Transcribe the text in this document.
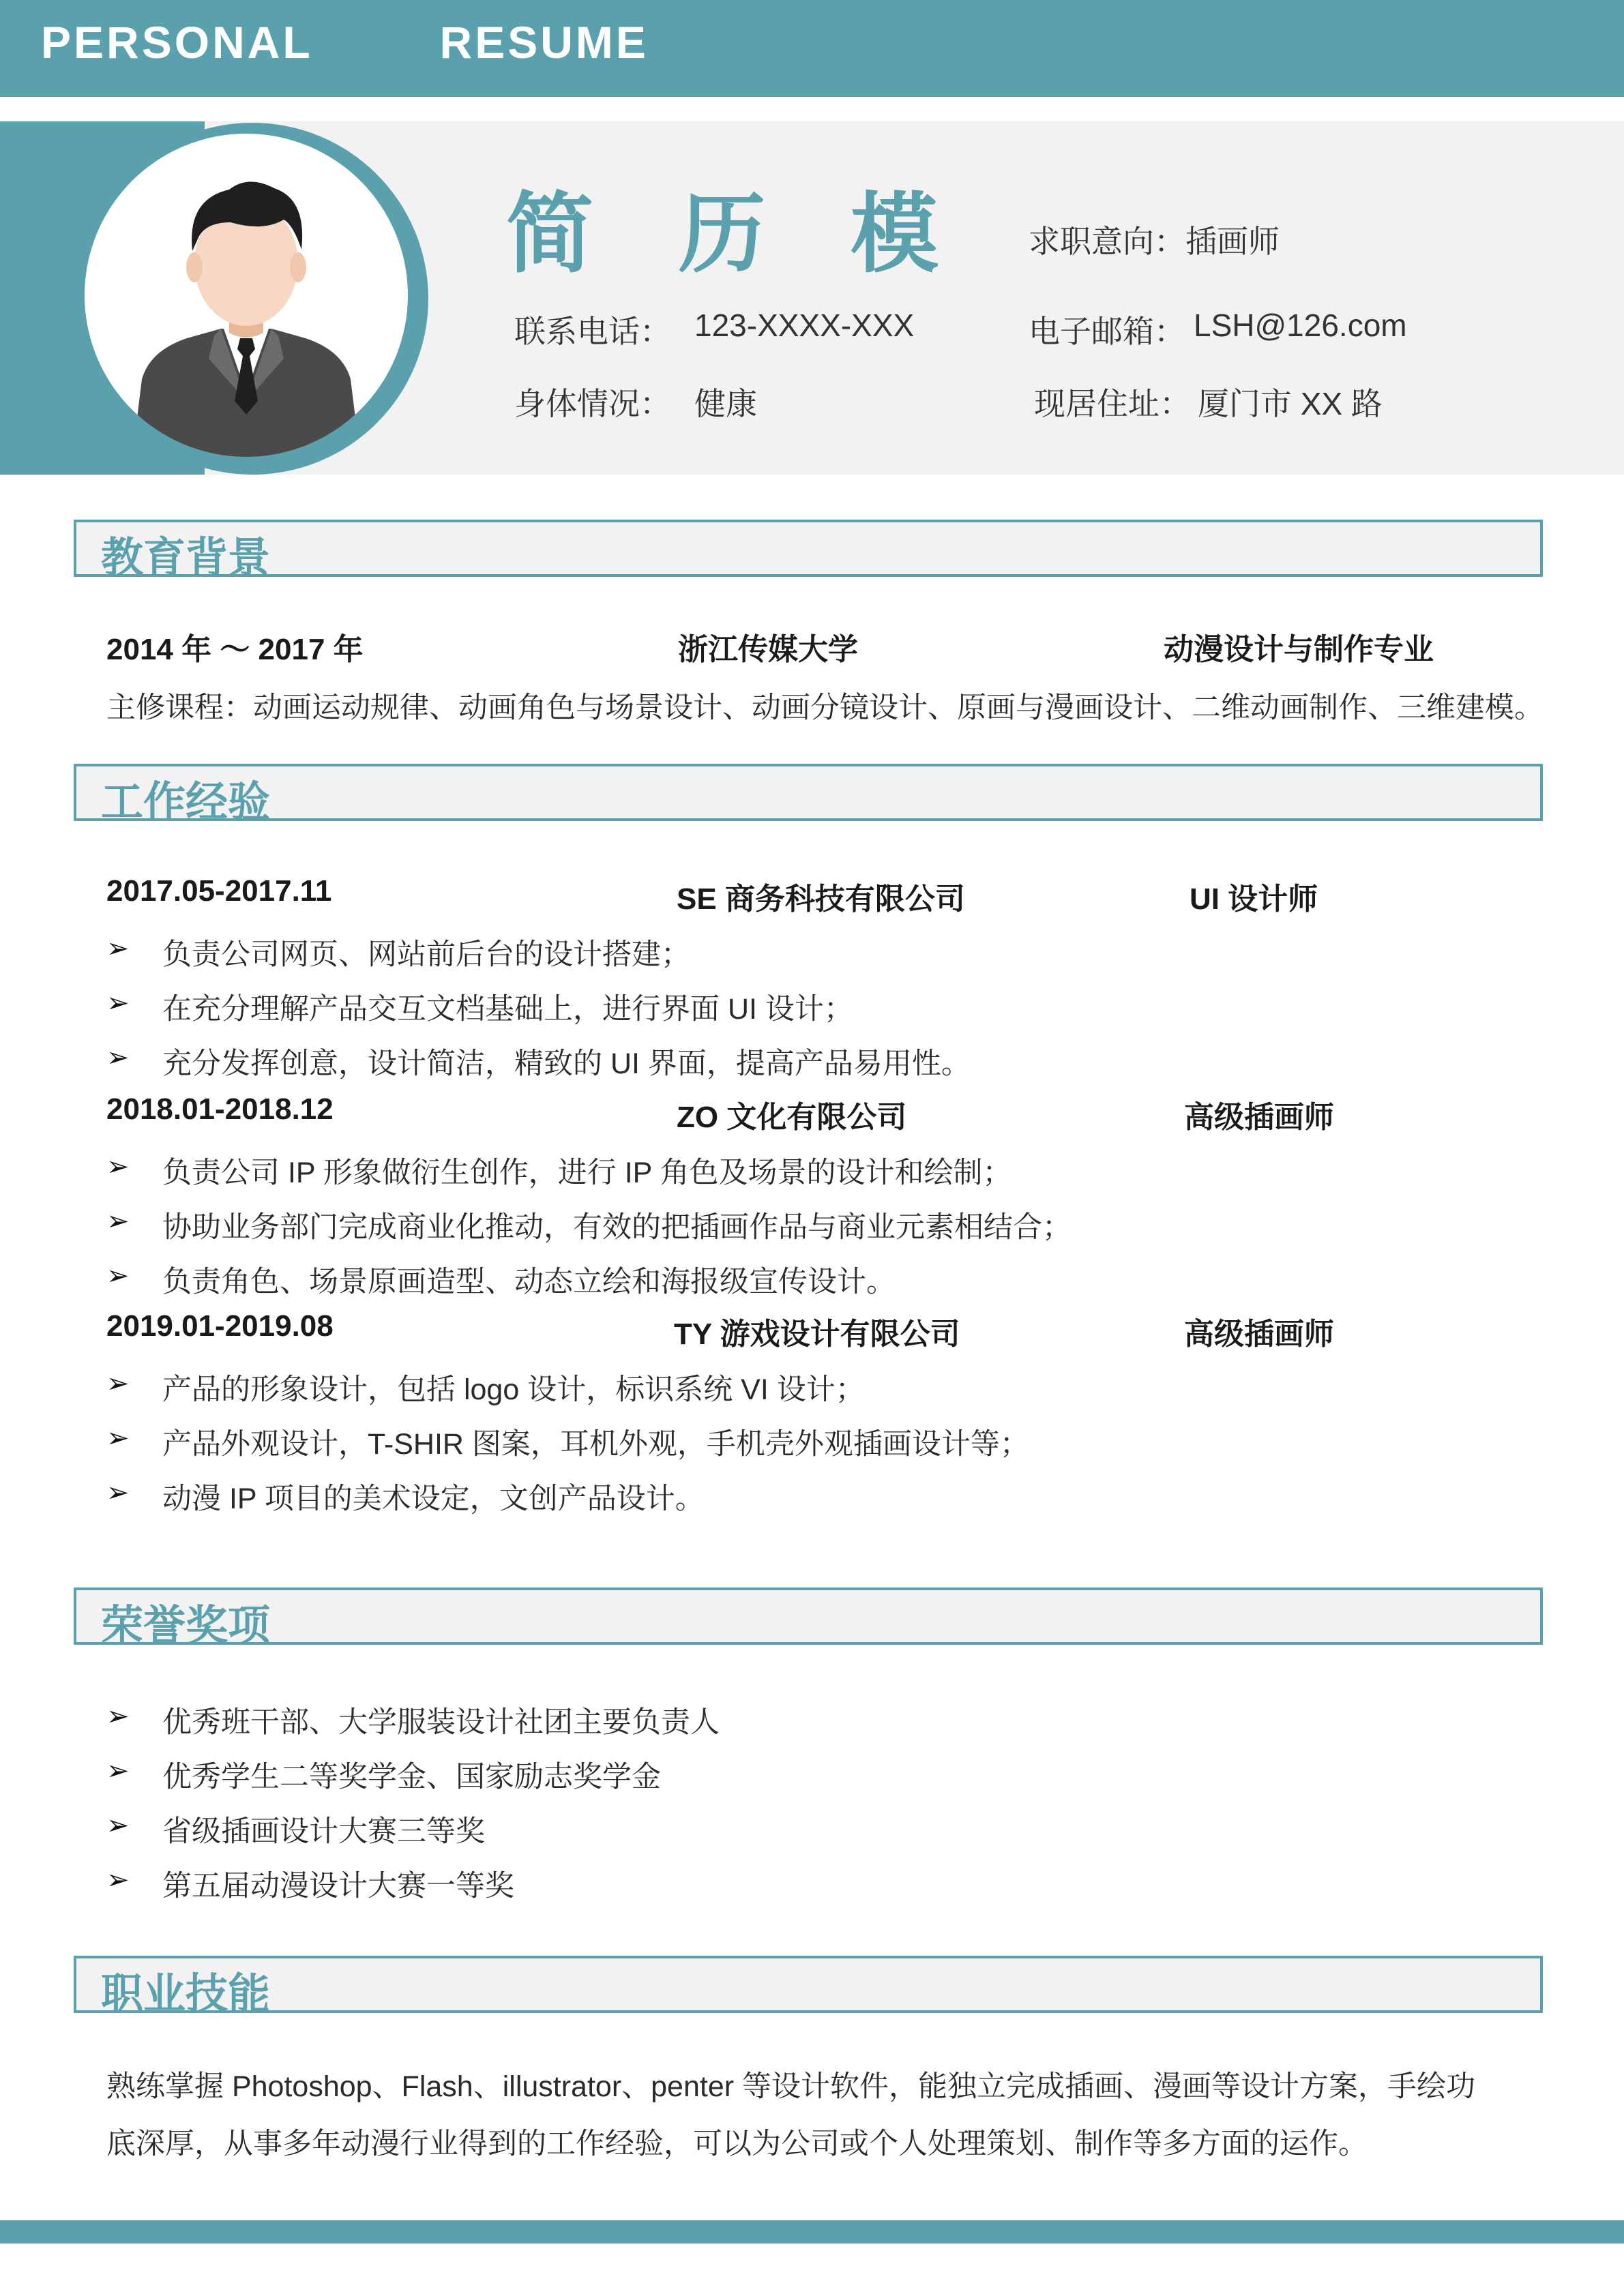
PERSONAL   RESUME
简 历 模 求职意向：插画师
联系电话： 123-XXXX-XXX	电子邮箱： LSH@126.com
身体情况： 健康	现居住址： 厦门市 XX 路
教育背景
2014 年 ～ 2017 年	浙江传媒大学	动漫设计与制作专业
主修课程：动画运动规律、动画角色与场景设计、动画分镜设计、原画与漫画设计、二维动画制作、三维建模。
工作经验
2017.05-2017.11	SE 商务科技有限公司	UI 设计师
➢ 负责公司网页、网站前后台的设计搭建；
➢ 在充分理解产品交互文档基础上，进行界面 UI 设计；
➢ 充分发挥创意，设计简洁，精致的 UI 界面，提高产品易用性。
2018.01-2018.12	ZO 文化有限公司	高级插画师
➢ 负责公司 IP 形象做衍生创作，进行 IP 角色及场景的设计和绘制；
➢ 协助业务部门完成商业化推动，有效的把插画作品与商业元素相结合；
➢ 负责角色、场景原画造型、动态立绘和海报级宣传设计。
2019.01-2019.08	TY 游戏设计有限公司	高级插画师
➢ 产品的形象设计，包括 logo 设计，标识系统 VI 设计；
➢ 产品外观设计，T-SHIR 图案，耳机外观，手机壳外观插画设计等；
➢ 动漫 IP 项目的美术设定，文创产品设计。
荣誉奖项
➢ 优秀班干部、大学服装设计社团主要负责人
➢ 优秀学生二等奖学金、国家励志奖学金
➢ 省级插画设计大赛三等奖
➢ 第五届动漫设计大赛一等奖
职业技能
熟练掌握 Photoshop、Flash、illustrator、penter 等设计软件，能独立完成插画、漫画等设计方案，手绘功
底深厚，从事多年动漫行业得到的工作经验，可以为公司或个人处理策划、制作等多方面的运作。
